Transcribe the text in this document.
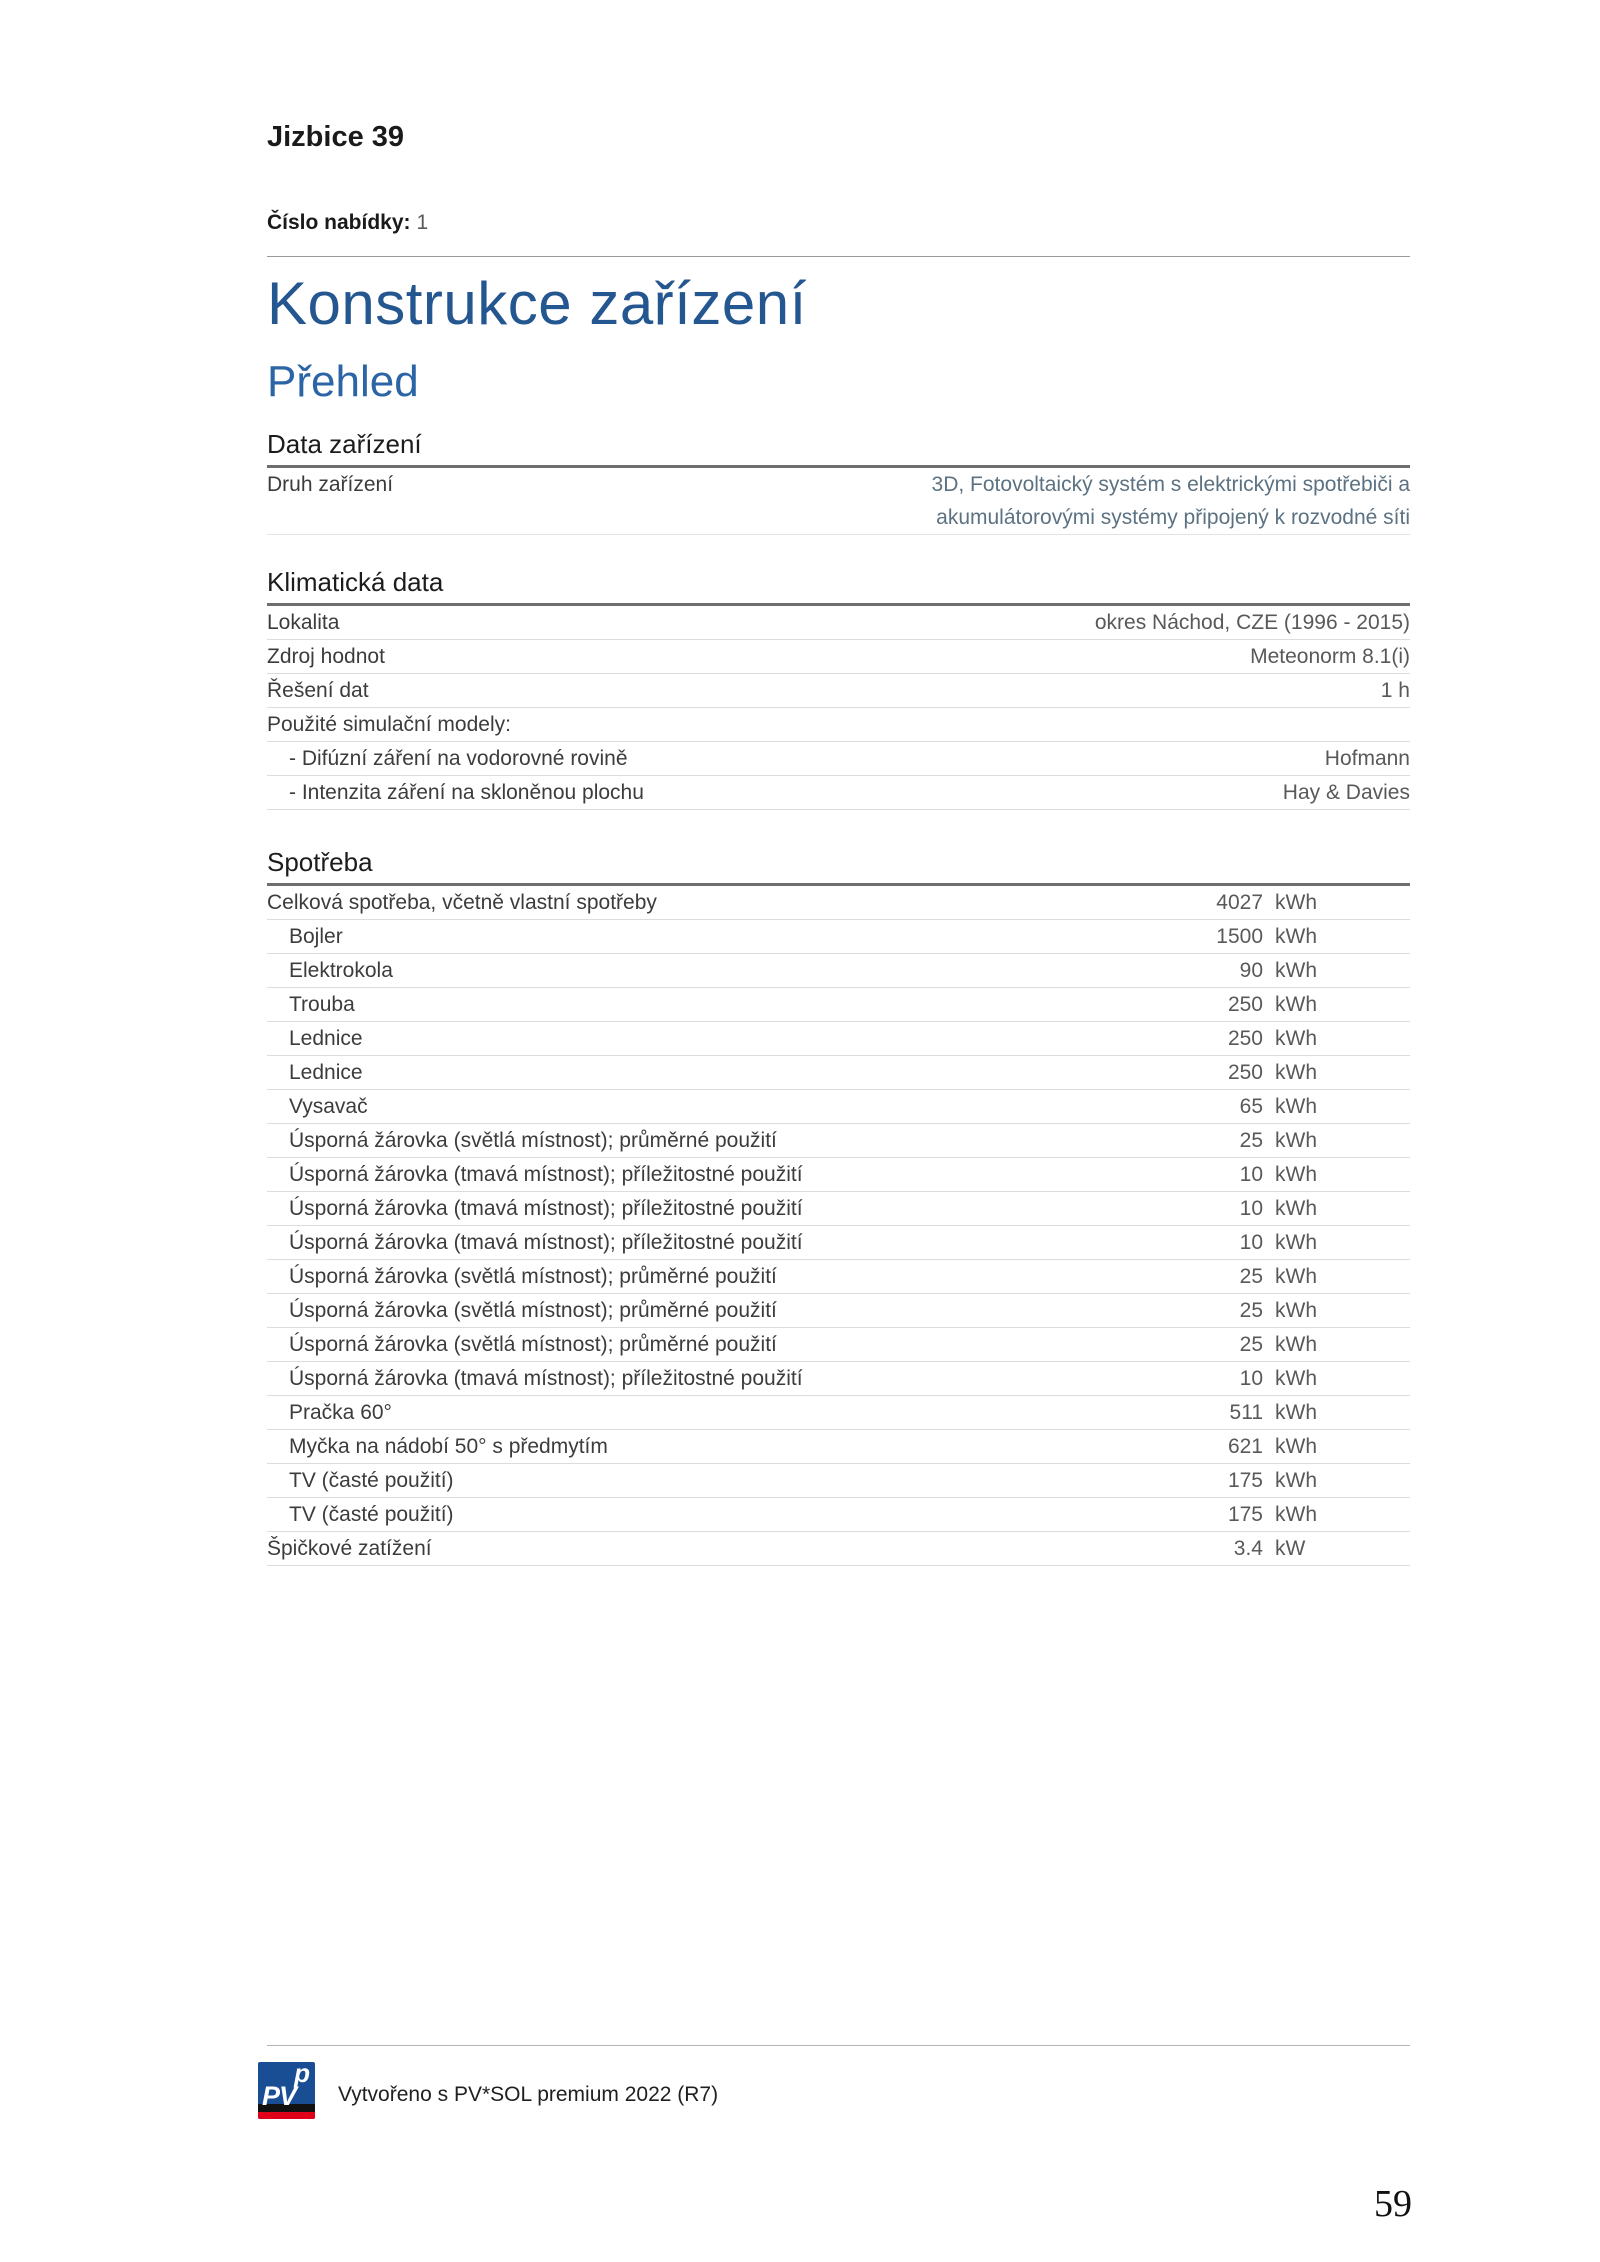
Jizbice 39
Číslo nabídky: 1
Konstrukce zařízení
Přehled
Data zařízení
Druh zařízení	3D, Fotovoltaický systém s elektrickými spotřebiči a
akumulátorovými systémy připojený k rozvodné síti
Klimatická data
Lokalita	okres Náchod, CZE (1996 - 2015)
Zdroj hodnot	Meteonorm 8.1(i)
Řešení dat	1 h
Použité simulační modely:
- Difúzní záření na vodorovné rovině	Hofmann
- Intenzita záření na skloněnou plochu	Hay & Davies
Spotřeba
Celková spotřeba, včetně vlastní spotřeby	4027 kWh
Bojler	1500 kWh
Elektrokola	90 kWh
Trouba	250 kWh
Lednice	250 kWh
Lednice	250 kWh
Vysavač	65 kWh
Úsporná žárovka (světlá místnost); průměrné použití	25 kWh
Úsporná žárovka (tmavá místnost); příležitostné použití	10 kWh
Úsporná žárovka (tmavá místnost); příležitostné použití	10 kWh
Úsporná žárovka (tmavá místnost); příležitostné použití	10 kWh
Úsporná žárovka (světlá místnost); průměrné použití	25 kWh
Úsporná žárovka (světlá místnost); průměrné použití	25 kWh
Úsporná žárovka (světlá místnost); průměrné použití	25 kWh
Úsporná žárovka (tmavá místnost); příležitostné použití	10 kWh
Pračka 60°	511 kWh
Myčka na nádobí 50° s předmytím	621 kWh
TV (časté použití)	175 kWh
TV (časté použití)	175 kWh
Špičkové zatížení	3.4 kW
p
PV Vytvořeno s PV*SOL premium 2022 (R7)
59
